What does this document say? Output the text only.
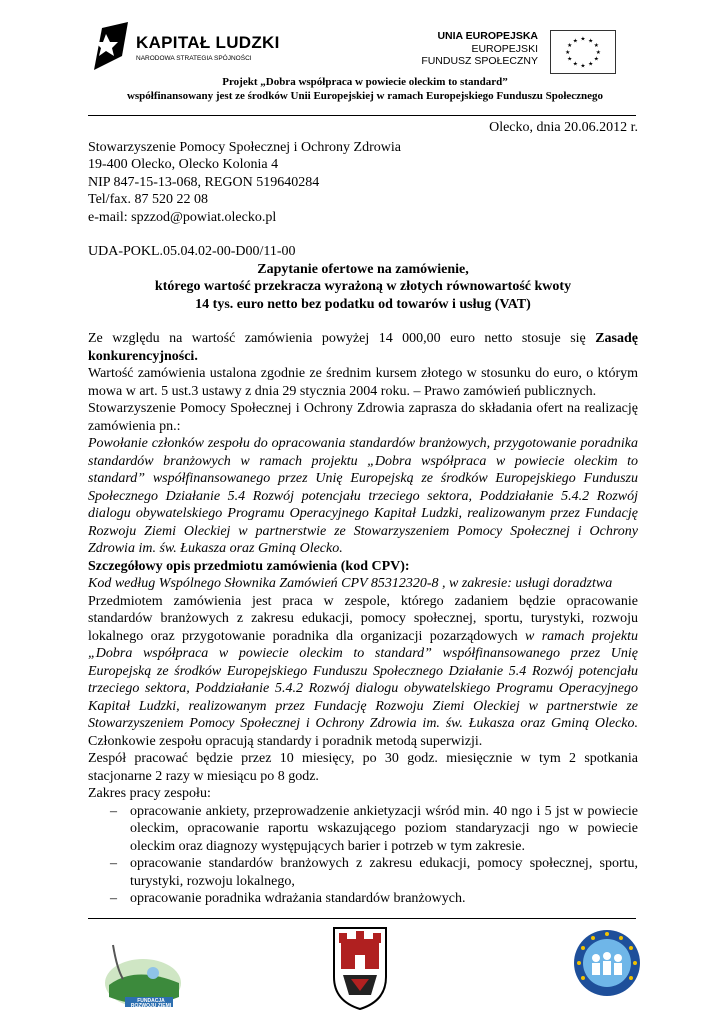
KAPITAŁ LUDZKI
NARODOWA STRATEGIA SPÓJNOŚCI
UNIA EUROPEJSKA
EUROPEJSKI
FUNDUSZ SPOŁECZNY
★ ★
★
★
★
★
★
★
★
★
★
★
Projekt „Dobra współpraca w powiecie oleckim to standard”
współfinansowany jest ze środków Unii Europejskiej w ramach Europejskiego Funduszu Społecznego

Olecko, dnia 20.06.2012 r.

Stowarzyszenie Pomocy Społecznej i Ochrony Zdrowia

19-400 Olecko, Olecko Kolonia 4

NIP 847-15-13-068, REGON 519640284

Tel/fax. 87 520 22 08

e-mail: spzzod@powiat.olecko.pl

UDA-POKL.05.04.02-00-D00/11-00

Zapytanie ofertowe na zamówienie,

którego wartość przekracza wyrażoną w złotych równowartość kwoty

14 tys. euro netto bez podatku od towarów i usług (VAT)

Ze względu na wartość zamówienia powyżej 14 000,00 euro netto stosuje się Zasadę konkurencyjności.

Wartość zamówienia ustalona zgodnie ze średnim kursem złotego w stosunku do euro, o którym mowa w art. 5 ust.3 ustawy z dnia 29 stycznia 2004 roku. – Prawo zamówień publicznych.

Stowarzyszenie Pomocy Społecznej i Ochrony Zdrowia zaprasza do składania ofert na realizację zamówienia pn.:

Powołanie członków zespołu do opracowania standardów branżowych, przygotowanie poradnika standardów branżowych w ramach projektu „Dobra współpraca w powiecie oleckim to standard” współfinansowanego przez Unię Europejską ze środków Europejskiego Funduszu Społecznego Działanie 5.4 Rozwój potencjału trzeciego sektora, Poddziałanie 5.4.2 Rozwój dialogu obywatelskiego Programu Operacyjnego Kapitał Ludzki, realizowanym przez Fundację Rozwoju Ziemi Oleckiej w partnerstwie ze Stowarzyszeniem Pomocy Społecznej i Ochrony Zdrowia im. św. Łukasza oraz Gminą Olecko.

Szczegółowy opis przedmiotu zamówienia (kod CPV):

Kod według Wspólnego Słownika Zamówień CPV 85312320-8 , w zakresie: usługi doradztwa

Przedmiotem zamówienia jest praca w zespole, którego zadaniem będzie opracowanie standardów branżowych z zakresu edukacji, pomocy społecznej, sportu, turystyki, rozwoju lokalnego oraz przygotowanie poradnika dla organizacji pozarządowych w ramach projektu „Dobra współpraca w powiecie oleckim to standard” współfinansowanego przez Unię Europejską ze środków Europejskiego Funduszu Społecznego Działanie 5.4 Rozwój potencjału trzeciego sektora, Poddziałanie 5.4.2 Rozwój dialogu obywatelskiego Programu Operacyjnego Kapitał Ludzki, realizowanym przez Fundację Rozwoju Ziemi Oleckiej w partnerstwie ze Stowarzyszeniem Pomocy Społecznej i Ochrony Zdrowia im. św. Łukasza oraz Gminą Olecko. Członkowie zespołu opracują standardy i poradnik metodą superwizji.

Zespół pracować będzie przez 10 miesięcy, po 30 godz. miesięcznie w tym 2 spotkania stacjonarne 2 razy w miesiącu po 8 godz.

Zakres pracy zespołu:

– opracowanie ankiety, przeprowadzenie ankietyzacji wśród min. 40 ngo i 5 jst w powiecie oleckim, opracowanie raportu wskazującego poziom standaryzacji ngo w powiecie oleckim oraz diagnozy występujących barier i potrzeb w tym zakresie.
– opracowanie standardów branżowych z zakresu edukacji, pomocy społecznej, sportu, turystyki, rozwoju lokalnego,
– opracowanie poradnika wdrażania standardów branżowych.
FUNDACJA ROZWOJU ZIEMI OLECKIEJ
